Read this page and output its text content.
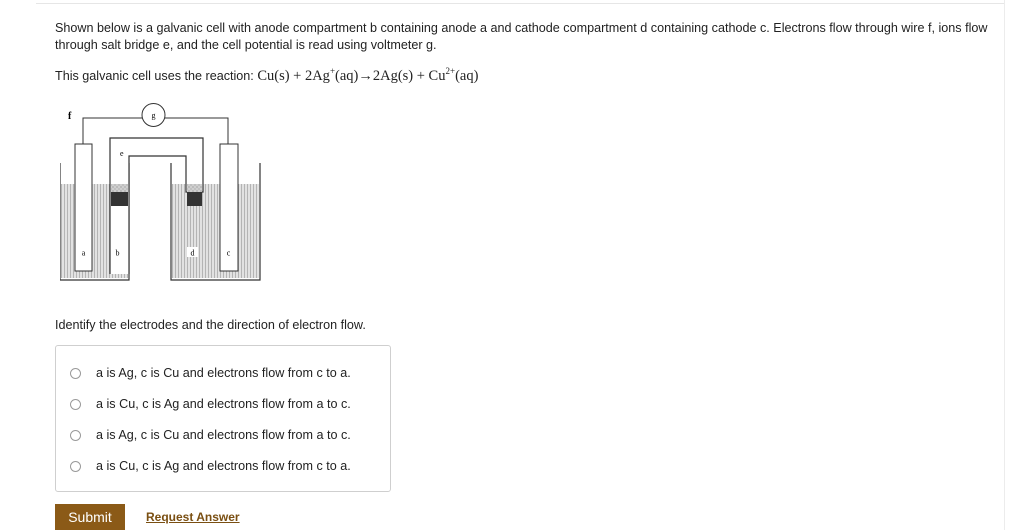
Shown below is a galvanic cell with anode compartment b containing anode a and cathode compartment d containing cathode c. Electrons flow through wire f, ions flow through salt bridge e, and the cell potential is read using voltmeter g.
This galvanic cell uses the reaction: $Cu(s) + 2Ag^+(aq)\to 2Ag(s) + Cu^{2+}(aq)$
g
f
e
a	b	d	c
Identify the electrodes and the direction of electron flow.
a is Ag, c is Cu and electrons flow from c to a.
a is Cu, c is Ag and electrons flow from a to c.
a is Ag, c is Cu and electrons flow from a to c.
a is Cu, c is Ag and electrons flow from c to a.
Submit	Request Answer
